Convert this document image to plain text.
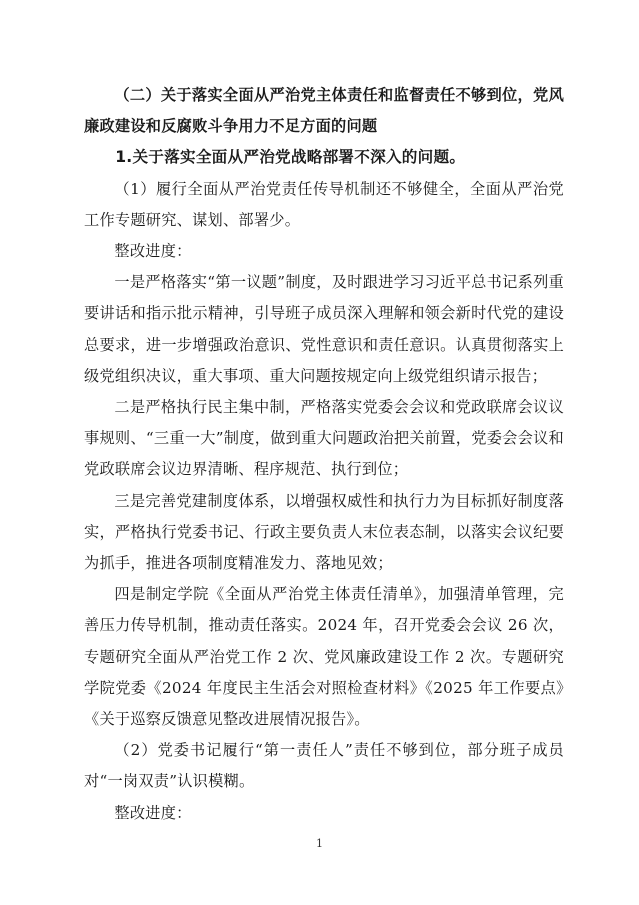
（二）关于落实全面从严治党主体责任和监督责任不够到位，党风廉政建设和反腐败斗争用力不足方面的问题

1.关于落实全面从严治党战略部署不深入的问题。

（1）履行全面从严治党责任传导机制还不够健全，全面从严治党工作专题研究、谋划、部署少。

整改进度：

一是严格落实“第一议题”制度，及时跟进学习习近平总书记系列重要讲话和指示批示精神，引导班子成员深入理解和领会新时代党的建设总要求，进一步增强政治意识、党性意识和责任意识。认真贯彻落实上级党组织决议，重大事项、重大问题按规定向上级党组织请示报告；

二是严格执行民主集中制，严格落实党委会会议和党政联席会议议事规则、“三重一大”制度，做到重大问题政治把关前置，党委会会议和党政联席会议边界清晰、程序规范、执行到位；

三是完善党建制度体系，以增强权威性和执行力为目标抓好制度落实，严格执行党委书记、行政主要负责人末位表态制，以落实会议纪要为抓手，推进各项制度精准发力、落地见效；

四是制定学院《全面从严治党主体责任清单》，加强清单管理，完善压力传导机制，推动责任落实。2024 年，召开党委会会议 26 次，专题研究全面从严治党工作 2 次、党风廉政建设工作 2 次。专题研究学院党委《2024 年度民主生活会对照检查材料》《2025 年工作要点》《关于巡察反馈意见整改进展情况报告》。

（2）党委书记履行“第一责任人”责任不够到位，部分班子成员对“一岗双责”认识模糊。

整改进度：

1
